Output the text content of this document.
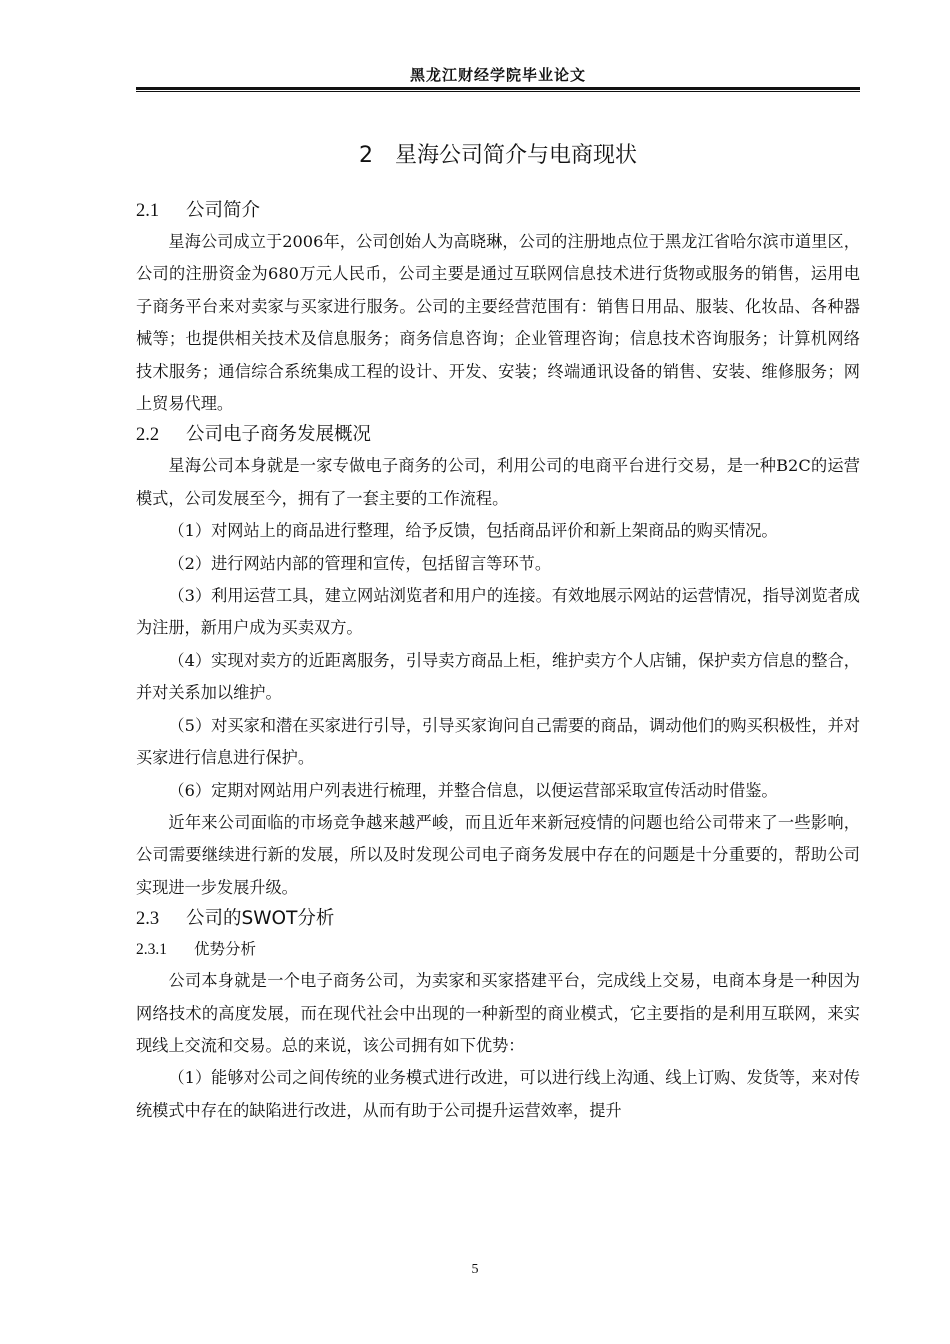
黑龙江财经学院毕业论文
2 星海公司简介与电商现状
2.1 公司简介

星海公司成立于2006年，公司创始人为高晓琳，公司的注册地点位于黑龙江省哈尔滨市道里区，公司的注册资金为680万元人民币，公司主要是通过互联网信息技术进行货物或服务的销售，运用电子商务平台来对卖家与买家进行服务。公司的主要经营范围有：销售日用品、服装、化妆品、各种器械等；也提供相关技术及信息服务；商务信息咨询；企业管理咨询；信息技术咨询服务；计算机网络技术服务；通信综合系统集成工程的设计、开发、安装；终端通讯设备的销售、安装、维修服务；网上贸易代理。

2.2 公司电子商务发展概况

星海公司本身就是一家专做电子商务的公司，利用公司的电商平台进行交易，是一种B2C的运营模式，公司发展至今，拥有了一套主要的工作流程。

（1）对网站上的商品进行整理，给予反馈，包括商品评价和新上架商品的购买情况。

（2）进行网站内部的管理和宣传，包括留言等环节。

（3）利用运营工具，建立网站浏览者和用户的连接。有效地展示网站的运营情况，指导浏览者成为注册，新用户成为买卖双方。

（4）实现对卖方的近距离服务，引导卖方商品上柜，维护卖方个人店铺，保护卖方信息的整合，并对关系加以维护。

（5）对买家和潜在买家进行引导，引导买家询问自己需要的商品，调动他们的购买积极性，并对买家进行信息进行保护。

（6）定期对网站用户列表进行梳理，并整合信息，以便运营部采取宣传活动时借鉴。

近年来公司面临的市场竞争越来越严峻，而且近年来新冠疫情的问题也给公司带来了一些影响，公司需要继续进行新的发展，所以及时发现公司电子商务发展中存在的问题是十分重要的，帮助公司实现进一步发展升级。

2.3 公司的SWOT分析
2.3.1 优势分析

公司本身就是一个电子商务公司，为卖家和买家搭建平台，完成线上交易，电商本身是一种因为网络技术的高度发展，而在现代社会中出现的一种新型的商业模式，它主要指的是利用互联网，来实现线上交流和交易。总的来说，该公司拥有如下优势：

（1）能够对公司之间传统的业务模式进行改进，可以进行线上沟通、线上订购、发货等，来对传统模式中存在的缺陷进行改进，从而有助于公司提升运营效率，提升

5
